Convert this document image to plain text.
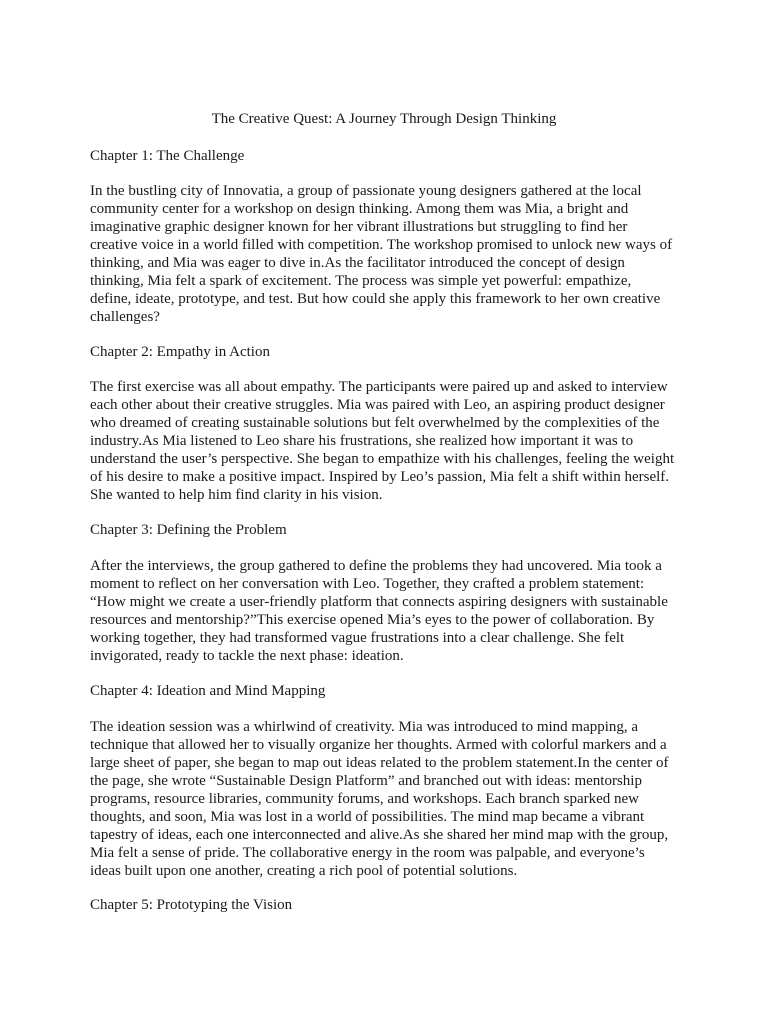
The Creative Quest: A Journey Through Design Thinking
Chapter 1: The Challenge
In the bustling city of Innovatia, a group of passionate young designers gathered at the local
community center for a workshop on design thinking. Among them was Mia, a bright and
imaginative graphic designer known for her vibrant illustrations but struggling to find her
creative voice in a world filled with competition. The workshop promised to unlock new ways of
thinking, and Mia was eager to dive in.As the facilitator introduced the concept of design
thinking, Mia felt a spark of excitement. The process was simple yet powerful: empathize,
define, ideate, prototype, and test. But how could she apply this framework to her own creative
challenges?
Chapter 2: Empathy in Action
The first exercise was all about empathy. The participants were paired up and asked to interview
each other about their creative struggles. Mia was paired with Leo, an aspiring product designer
who dreamed of creating sustainable solutions but felt overwhelmed by the complexities of the
industry.As Mia listened to Leo share his frustrations, she realized how important it was to
understand the user’s perspective. She began to empathize with his challenges, feeling the weight
of his desire to make a positive impact. Inspired by Leo’s passion, Mia felt a shift within herself.
She wanted to help him find clarity in his vision.
Chapter 3: Defining the Problem
After the interviews, the group gathered to define the problems they had uncovered. Mia took a
moment to reflect on her conversation with Leo. Together, they crafted a problem statement:
“How might we create a user-friendly platform that connects aspiring designers with sustainable
resources and mentorship?”This exercise opened Mia’s eyes to the power of collaboration. By
working together, they had transformed vague frustrations into a clear challenge. She felt
invigorated, ready to tackle the next phase: ideation.
Chapter 4: Ideation and Mind Mapping
The ideation session was a whirlwind of creativity. Mia was introduced to mind mapping, a
technique that allowed her to visually organize her thoughts. Armed with colorful markers and a
large sheet of paper, she began to map out ideas related to the problem statement.In the center of
the page, she wrote “Sustainable Design Platform” and branched out with ideas: mentorship
programs, resource libraries, community forums, and workshops. Each branch sparked new
thoughts, and soon, Mia was lost in a world of possibilities. The mind map became a vibrant
tapestry of ideas, each one interconnected and alive.As she shared her mind map with the group,
Mia felt a sense of pride. The collaborative energy in the room was palpable, and everyone’s
ideas built upon one another, creating a rich pool of potential solutions.
Chapter 5: Prototyping the Vision
